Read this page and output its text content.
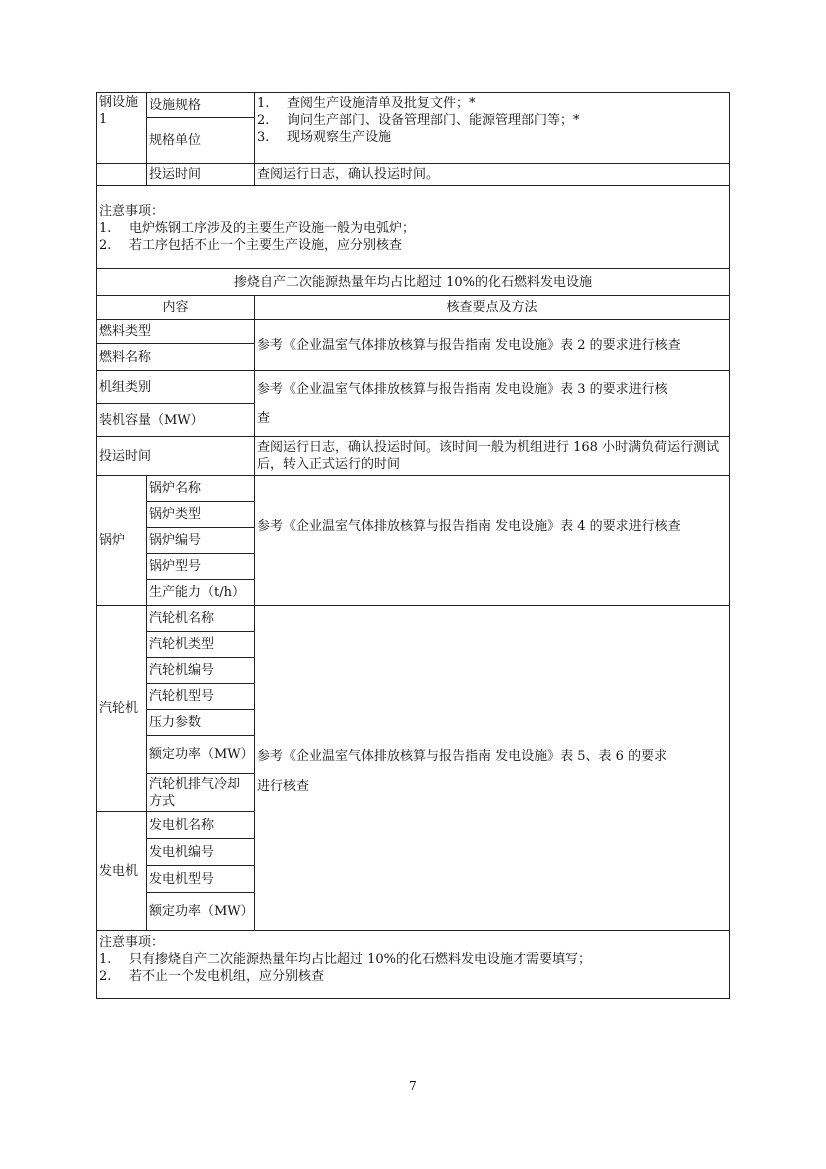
钢设施1	设施规格	1. 查阅生产设施清单及批复文件；*
2. 询问生产部门、设备管理部门、能源管理部门等；*
3. 现场观察生产设施

	规格单位	
	投运时间	查阅运行日志，确认投运时间。

注意事项：
1. 电炉炼钢工序涉及的主要生产设施一般为电弧炉；
2. 若工序包括不止一个主要生产设施，应分别核查		

掺烧自产二次能源热量年均占比超过 10%的化石燃料发电设施		
内容		核查要点及方法
燃料类型		参考《企业温室气体排放核算与报告指南 发电设施》表 2 的要求进行核查
燃料名称		
机组类别		参考《企业温室气体排放核算与报告指南 发电设施》表 3 的要求进行核
查

装机容量（MW）		
投运时间		查阅运行日志，确认投运时间。该时间一般为机组进行 168 小时满负荷运行测试后，转入正式运行的时间
锅炉	锅炉名称	参考《企业温室气体排放核算与报告指南 发电设施》表 4 的要求进行核查
	锅炉类型	
	锅炉编号	
	锅炉型号	
	生产能力（t/h）	
汽轮机	汽轮机名称	参考《企业温室气体排放核算与报告指南 发电设施》表 5、表 6 的要求
进行核查

	汽轮机类型	
	汽轮机编号	
	汽轮机型号	
	压力参数	
	额定功率（MW）	
	汽轮机排气冷却方式	
发电机	发电机名称	
	发电机编号	
	发电机型号	
	额定功率（MW）	

注意事项：
1. 只有掺烧自产二次能源热量年均占比超过 10%的化石燃料发电设施才需要填写；
2. 若不止一个发电机组，应分别核查		
7
